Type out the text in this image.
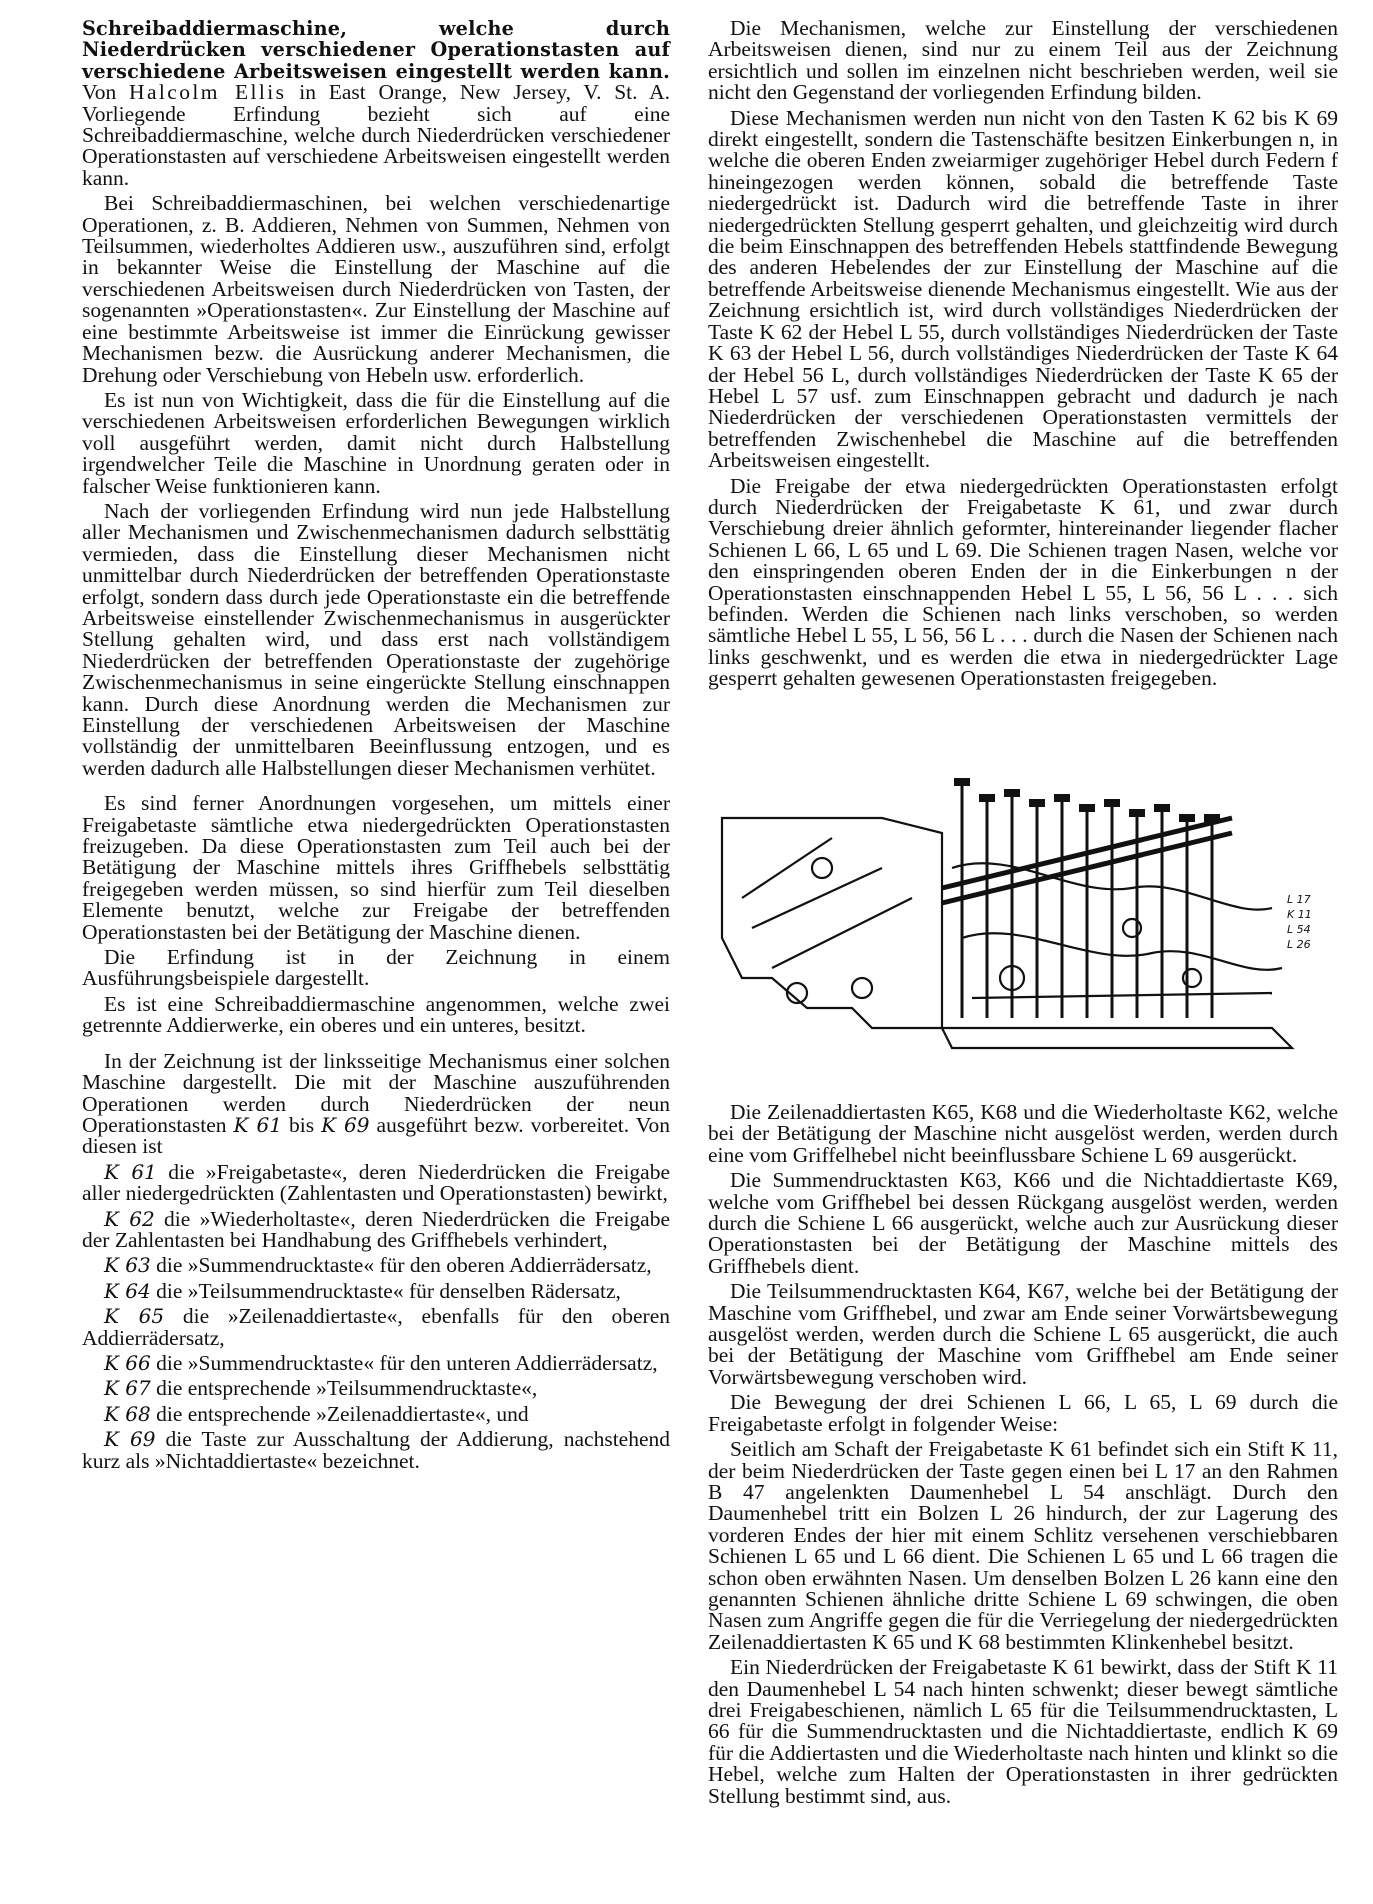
Schreibaddiermaschine, welche durch Niederdrücken verschiedener Operationstasten auf verschiedene Arbeitsweisen eingestellt werden kann. Von Halcolm Ellis in East Orange, New Jersey, V. St. A. Vorliegende Erfindung bezieht sich auf eine Schreibaddiermaschine, welche durch Niederdrücken verschiedener Operationstasten auf verschiedene Arbeitsweisen eingestellt werden kann.

Bei Schreibaddiermaschinen, bei welchen verschiedenartige Operationen, z. B. Addieren, Nehmen von Summen, Nehmen von Teilsummen, wiederholtes Addieren usw., auszuführen sind, erfolgt in bekannter Weise die Einstellung der Maschine auf die verschiedenen Arbeitsweisen durch Niederdrücken von Tasten, der sogenannten »Operationstasten«. Zur Einstellung der Maschine auf eine bestimmte Arbeitsweise ist immer die Einrückung gewisser Mechanismen bezw. die Ausrückung anderer Mechanismen, die Drehung oder Verschiebung von Hebeln usw. erforderlich.

Es ist nun von Wichtigkeit, dass die für die Einstellung auf die verschiedenen Arbeitsweisen erforderlichen Bewegungen wirklich voll ausgeführt werden, damit nicht durch Halbstellung irgendwelcher Teile die Maschine in Unordnung geraten oder in falscher Weise funktionieren kann.

Nach der vorliegenden Erfindung wird nun jede Halbstellung aller Mechanismen und Zwischenmechanismen dadurch selbsttätig vermieden, dass die Einstellung dieser Mechanismen nicht unmittelbar durch Niederdrücken der betreffenden Operationstaste erfolgt, sondern dass durch jede Operationstaste ein die betreffende Arbeitsweise einstellender Zwischenmechanismus in ausgerückter Stellung gehalten wird, und dass erst nach vollständigem Niederdrücken der betreffenden Operationstaste der zugehörige Zwischenmechanismus in seine eingerückte Stellung einschnappen kann. Durch diese Anordnung werden die Mechanismen zur Einstellung der verschiedenen Arbeitsweisen der Maschine vollständig der unmittelbaren Beeinflussung entzogen, und es werden dadurch alle Halbstellungen dieser Mechanismen verhütet.

Es sind ferner Anordnungen vorgesehen, um mittels einer Freigabetaste sämtliche etwa niedergedrückten Operationstasten freizugeben. Da diese Operationstasten zum Teil auch bei der Betätigung der Maschine mittels ihres Griffhebels selbsttätig freigegeben werden müssen, so sind hierfür zum Teil dieselben Elemente benutzt, welche zur Freigabe der betreffenden Operationstasten bei der Betätigung der Maschine dienen.

Die Erfindung ist in der Zeichnung in einem Ausführungsbeispiele dargestellt.

Es ist eine Schreibaddiermaschine angenommen, welche zwei getrennte Addierwerke, ein oberes und ein unteres, besitzt.

In der Zeichnung ist der linksseitige Mechanismus einer solchen Maschine dargestellt. Die mit der Maschine auszuführenden Operationen werden durch Niederdrücken der neun Operationstasten K 61 bis K 69 ausgeführt bezw. vorbereitet. Von diesen ist

K 61 die »Freigabetaste«, deren Niederdrücken die Freigabe aller niedergedrückten (Zahlentasten und Operationstasten) bewirkt,

K 62 die »Wiederholtaste«, deren Niederdrücken die Freigabe der Zahlentasten bei Handhabung des Griffhebels verhindert,

K 63 die »Summendrucktaste« für den oberen Addierrädersatz,

K 64 die »Teilsummendrucktaste« für denselben Rädersatz,

K 65 die »Zeilenaddiertaste«, ebenfalls für den oberen Addierrädersatz,

K 66 die »Summendrucktaste« für den unteren Addierrädersatz,

K 67 die entsprechende »Teilsummendrucktaste«,

K 68 die entsprechende »Zeilenaddiertaste«, und

K 69 die Taste zur Ausschaltung der Addierung, nachstehend kurz als »Nichtaddiertaste« bezeichnet.

Die Mechanismen, welche zur Einstellung der verschiedenen Arbeitsweisen dienen, sind nur zu einem Teil aus der Zeichnung ersichtlich und sollen im einzelnen nicht beschrieben werden, weil sie nicht den Gegenstand der vorliegenden Erfindung bilden.

Diese Mechanismen werden nun nicht von den Tasten K 62 bis K 69 direkt eingestellt, sondern die Tastenschäfte besitzen Einkerbungen n, in welche die oberen Enden zweiarmiger zugehöriger Hebel durch Federn f hineingezogen werden können, sobald die betreffende Taste niedergedrückt ist. Dadurch wird die betreffende Taste in ihrer niedergedrückten Stellung gesperrt gehalten, und gleichzeitig wird durch die beim Einschnappen des betreffenden Hebels stattfindende Bewegung des anderen Hebelendes der zur Einstellung der Maschine auf die betreffende Arbeitsweise dienende Mechanismus eingestellt. Wie aus der Zeichnung ersichtlich ist, wird durch vollständiges Niederdrücken der Taste K 62 der Hebel L 55, durch vollständiges Niederdrücken der Taste K 63 der Hebel L 56, durch vollständiges Niederdrücken der Taste K 64 der Hebel 56 L, durch vollständiges Niederdrücken der Taste K 65 der Hebel L 57 usf. zum Einschnappen gebracht und dadurch je nach Niederdrücken der verschiedenen Operationstasten vermittels der betreffenden Zwischenhebel die Maschine auf die betreffenden Arbeitsweisen eingestellt.

Die Freigabe der etwa niedergedrückten Operationstasten erfolgt durch Niederdrücken der Freigabetaste K 61, und zwar durch Verschiebung dreier ähnlich geformter, hintereinander liegender flacher Schienen L 66, L 65 und L 69. Die Schienen tragen Nasen, welche vor den einspringenden oberen Enden der in die Einkerbungen n der Operationstasten einschnappenden Hebel L 55, L 56, 56 L . . . sich befinden. Werden die Schienen nach links verschoben, so werden sämtliche Hebel L 55, L 56, 56 L . . . durch die Nasen der Schienen nach links geschwenkt, und es werden die etwa in niedergedrückter Lage gesperrt gehalten gewesenen Operationstasten freigegeben.

L 17
K 11
L 54
L 26

Die Zeilenaddiertasten K65, K68 und die Wiederholtaste K62, welche bei der Betätigung der Maschine nicht ausgelöst werden, werden durch eine vom Griffelhebel nicht beeinflussbare Schiene L 69 ausgerückt.

Die Summendrucktasten K63, K66 und die Nichtaddiertaste K69, welche vom Griffhebel bei dessen Rückgang ausgelöst werden, werden durch die Schiene L 66 ausgerückt, welche auch zur Ausrückung dieser Operationstasten bei der Betätigung der Maschine mittels des Griffhebels dient.

Die Teilsummendrucktasten K64, K67, welche bei der Betätigung der Maschine vom Griffhebel, und zwar am Ende seiner Vorwärtsbewegung ausgelöst werden, werden durch die Schiene L 65 ausgerückt, die auch bei der Betätigung der Maschine vom Griffhebel am Ende seiner Vorwärtsbewegung verschoben wird.

Die Bewegung der drei Schienen L 66, L 65, L 69 durch die Freigabetaste erfolgt in folgender Weise:

Seitlich am Schaft der Freigabetaste K 61 befindet sich ein Stift K 11, der beim Niederdrücken der Taste gegen einen bei L 17 an den Rahmen B 47 angelenkten Daumenhebel L 54 anschlägt. Durch den Daumenhebel tritt ein Bolzen L 26 hindurch, der zur Lagerung des vorderen Endes der hier mit einem Schlitz versehenen verschiebbaren Schienen L 65 und L 66 dient. Die Schienen L 65 und L 66 tragen die schon oben erwähnten Nasen. Um denselben Bolzen L 26 kann eine den genannten Schienen ähnliche dritte Schiene L 69 schwingen, die oben Nasen zum Angriffe gegen die für die Verriegelung der niedergedrückten Zeilenaddiertasten K 65 und K 68 bestimmten Klinkenhebel besitzt.

Ein Niederdrücken der Freigabetaste K 61 bewirkt, dass der Stift K 11 den Daumenhebel L 54 nach hinten schwenkt; dieser bewegt sämtliche drei Freigabeschienen, nämlich L 65 für die Teilsummendrucktasten, L 66 für die Summendrucktasten und die Nichtaddiertaste, endlich K 69 für die Addiertasten und die Wiederholtaste nach hinten und klinkt so die Hebel, welche zum Halten der Operationstasten in ihrer gedrückten Stellung bestimmt sind, aus.
